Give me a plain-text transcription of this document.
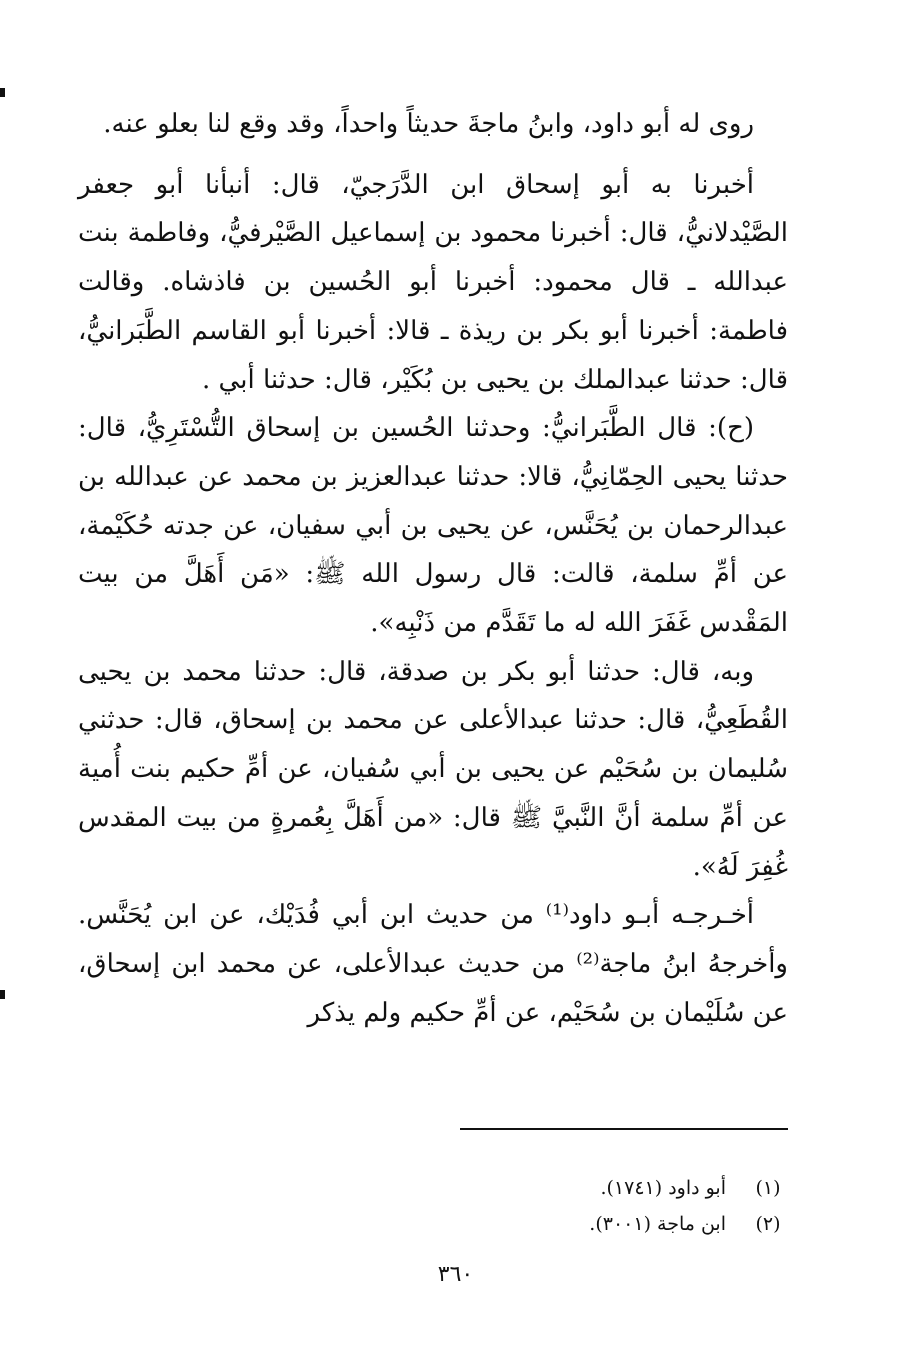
روى له أبو داود، وابنُ ماجةَ حديثاً واحداً، وقد وقع لنا بعلو عنه.

أخبرنا به أبو إسحاق ابن الدَّرَجيّ، قال: أنبأنا أبو جعفر الصَّيْدلانيُّ، قال: أخبرنا محمود بن إسماعيل الصَّيْرفيُّ، وفاطمة بنت عبدالله ـ قال محمود: أخبرنا أبو الحُسين بن فاذشاه. وقالت فاطمة: أخبرنا أبو بكر بن ريذة ـ قالا: أخبرنا أبو القاسم الطَّبَرانيُّ، قال: حدثنا عبدالملك بن يحيى بن بُكَيْر، قال: حدثنا أبي .

(ح): قال الطَّبَرانيُّ: وحدثنا الحُسين بن إسحاق التُّسْتَرِيُّ، قال: حدثنا يحيى الحِمّانِيُّ، قالا: حدثنا عبدالعزيز بن محمد عن عبدالله بن عبدالرحمان بن يُحَنَّس، عن يحيى بن أبي سفيان، عن جدته حُكَيْمة، عن أمِّ سلمة، قالت: قال رسول الله ﷺ: «مَن أَهَلَّ من بيت المَقْدس غَفَرَ الله له ما تَقَدَّم من ذَنْبِه».

وبه، قال: حدثنا أبو بكر بن صدقة، قال: حدثنا محمد بن يحيى القُطَعِيُّ، قال: حدثنا عبدالأعلى عن محمد بن إسحاق، قال: حدثني سُليمان بن سُحَيْم عن يحيى بن أبي سُفيان، عن أمِّ حكيم بنت أُمية عن أمِّ سلمة أنَّ النَّبيَّ ﷺ قال: «من أَهَلَّ بِعُمرةٍ من بيت المقدس غُفِرَ لَهُ».

أخـرجـه أبـو داود⁽¹⁾ من حديث ابن أبي فُدَيْك، عن ابن يُحَنَّس. وأخرجهُ ابنُ ماجة⁽²⁾ من حديث عبدالأعلى، عن محمد ابن إسحاق، عن سُلَيْمان بن سُحَيْم، عن أمِّ حكيم ولم يذكر

(١)
أبو داود (١٧٤١).
(٢)
ابن ماجة (٣٠٠١).
٣٦٠
